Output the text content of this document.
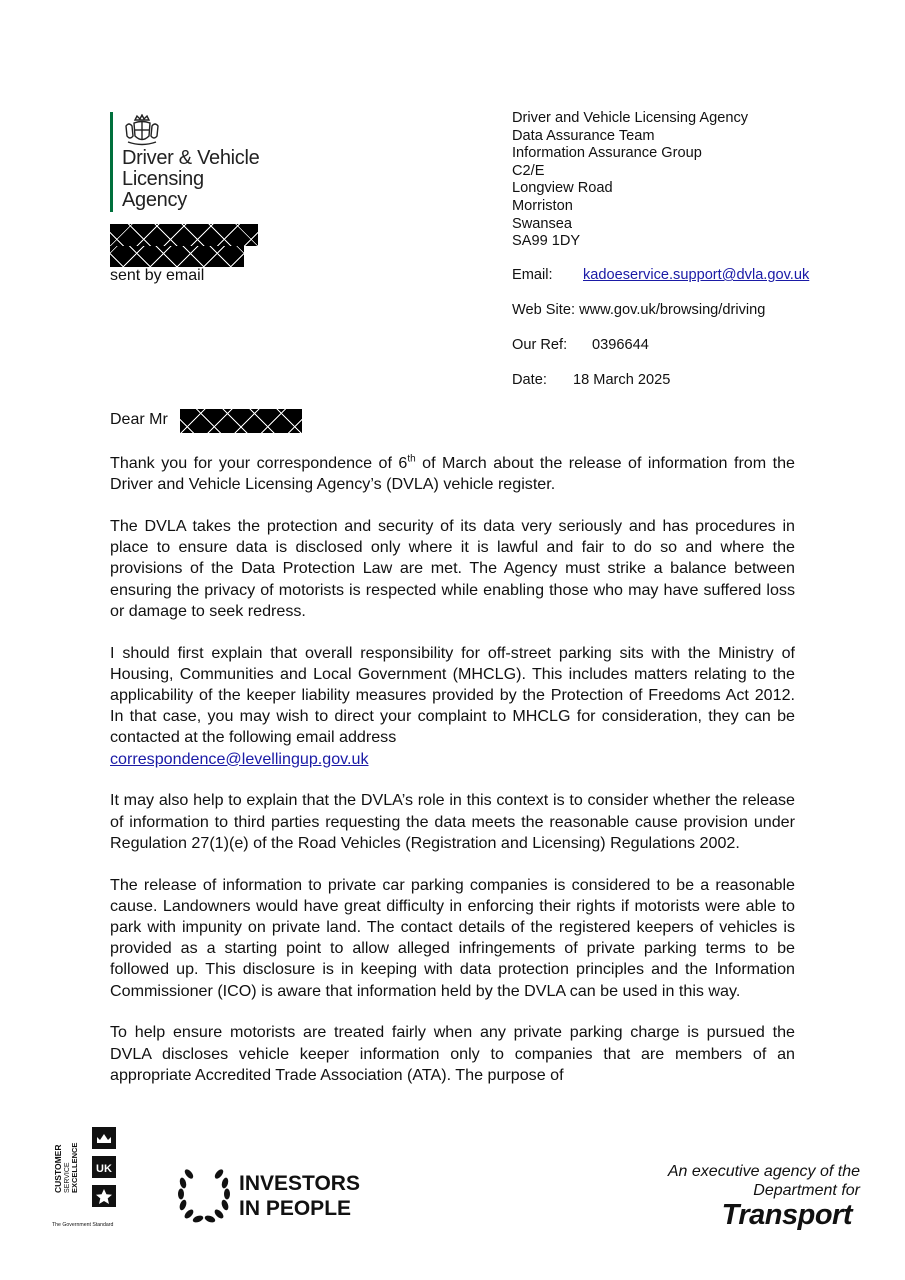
Driver & Vehicle
Licensing
Agency
Driver and Vehicle Licensing Agency
Data Assurance Team
Information Assurance Group
C2/E
Longview Road
Morriston
Swansea
SA99 1DY
Email: kadoeservice.support@dvla.gov.uk
Web Site: www.gov.uk/browsing/driving
Our Ref: 0396644
Date: 18 March 2025
sent by email
Dear Mr

Thank you for your correspondence of 6th of March about the release of information from the Driver and Vehicle Licensing Agency’s (DVLA) vehicle register.

The DVLA takes the protection and security of its data very seriously and has procedures in place to ensure data is disclosed only where it is lawful and fair to do so and where the provisions of the Data Protection Law are met. The Agency must strike a balance between ensuring the privacy of motorists is respected while enabling those who may have suffered loss or damage to seek redress.

I should first explain that overall responsibility for off-street parking sits with the Ministry of Housing, Communities and Local Government (MHCLG). This includes matters relating to the applicability of the keeper liability measures provided by the Protection of Freedoms Act 2012. In that case, you may wish to direct your complaint to MHCLG for consideration, they can be contacted at the following email address
correspondence@levellingup.gov.uk

It may also help to explain that the DVLA’s role in this context is to consider whether the release of information to third parties requesting the data meets the reasonable cause provision under Regulation 27(1)(e) of the Road Vehicles (Registration and Licensing) Regulations 2002.

The release of information to private car parking companies is considered to be a reasonable cause. Landowners would have great difficulty in enforcing their rights if motorists were able to park with impunity on private land. The contact details of the registered keepers of vehicles is provided as a starting point to allow alleged infringements of private parking terms to be followed up. This disclosure is in keeping with data protection principles and the Information Commissioner (ICO) is aware that information held by the DVLA can be used in this way.

To help ensure motorists are treated fairly when any private parking charge is pursued the DVLA discloses vehicle keeper information only to companies that are members of an appropriate Accredited Trade Association (ATA). The purpose of

CUSTOMER SERVICE EXCELLENCE UK
The Government Standard
INVESTORS
IN PEOPLE
An executive agency of the
Department for
Transport
